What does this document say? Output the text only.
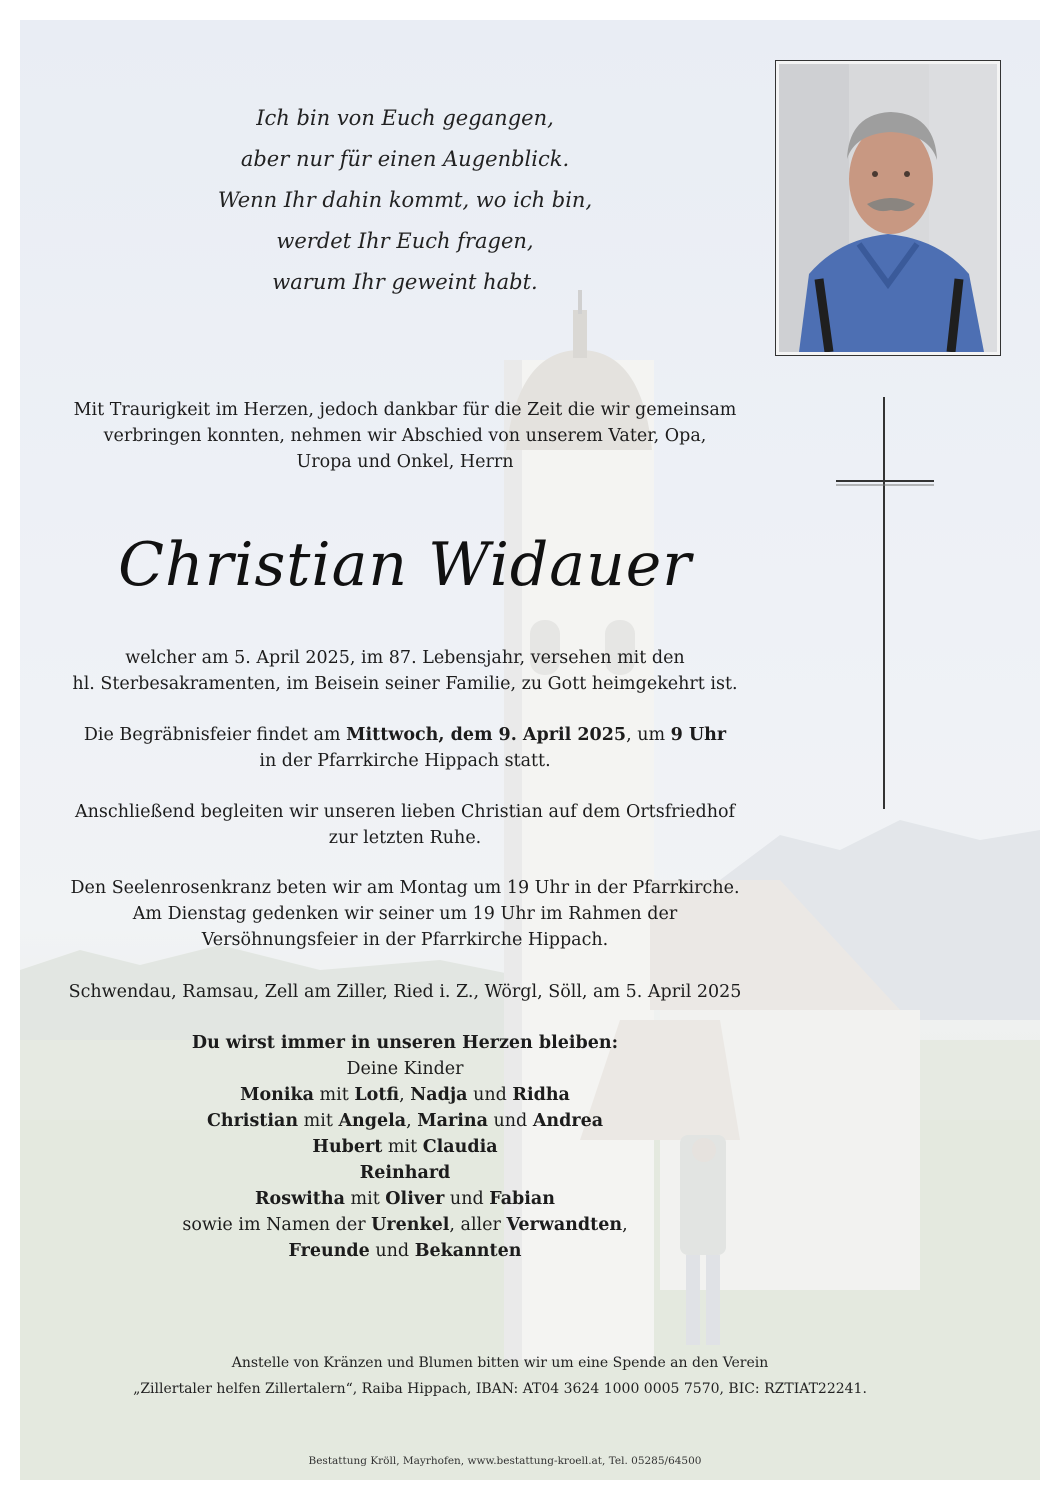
Ich bin von Euch gegangen,
aber nur für einen Augenblick.
Wenn Ihr dahin kommt, wo ich bin,
werdet Ihr Euch fragen,
warum Ihr geweint habt.
Mit Traurigkeit im Herzen, jedoch dankbar für die Zeit die wir gemeinsam
verbringen konnten, nehmen wir Abschied von unserem Vater, Opa,
Uropa und Onkel, Herrn
Christian Widauer
welcher am 5. April 2025, im 87. Lebensjahr, versehen mit den
hl. Sterbesakramenten, im Beisein seiner Familie, zu Gott heimgekehrt ist.
Die Begräbnisfeier findet am Mittwoch, dem 9. April 2025, um 9 Uhr
in der Pfarrkirche Hippach statt.
Anschließend begleiten wir unseren lieben Christian auf dem Ortsfriedhof
zur letzten Ruhe.
Den Seelenrosenkranz beten wir am Montag um 19 Uhr in der Pfarrkirche.
Am Dienstag gedenken wir seiner um 19 Uhr im Rahmen der
Versöhnungsfeier in der Pfarrkirche Hippach.
Schwendau, Ramsau, Zell am Ziller, Ried i. Z., Wörgl, Söll, am 5. April 2025
Du wirst immer in unseren Herzen bleiben:
Deine Kinder
Monika mit Lotfi, Nadja und Ridha
Christian mit Angela, Marina und Andrea
Hubert mit Claudia
Reinhard
Roswitha mit Oliver und Fabian
sowie im Namen der Urenkel, aller Verwandten,
Freunde und Bekannten
Anstelle von Kränzen und Blumen bitten wir um eine Spende an den Verein
„Zillertaler helfen Zillertalern“, Raiba Hippach, IBAN: AT04 3624 1000 0005 7570, BIC: RZTIAT22241.
Bestattung Kröll, Mayrhofen, www.bestattung-kroell.at, Tel. 05285/64500
